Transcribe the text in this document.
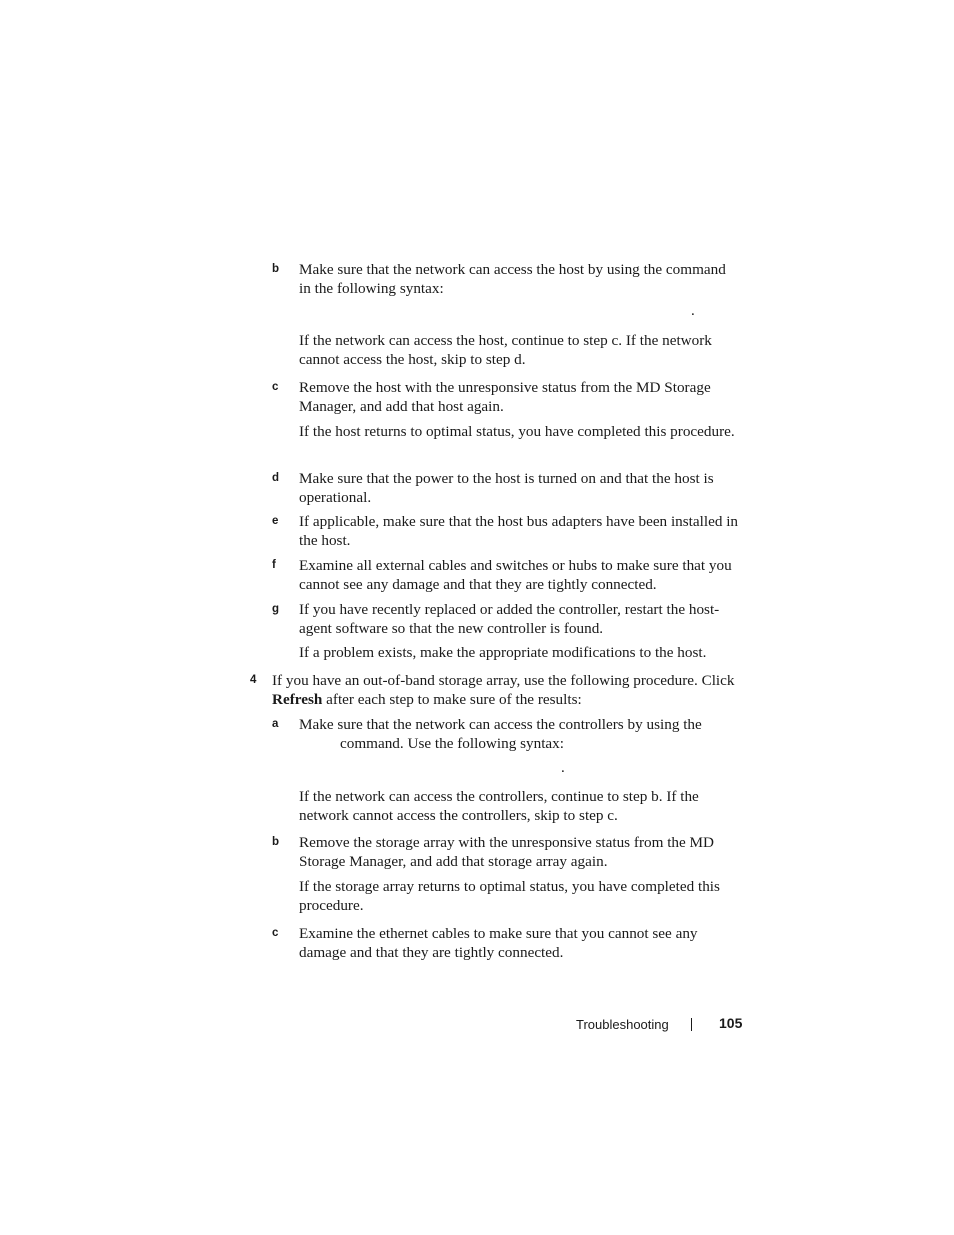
b Make sure that the network can access the host by using the command in the following syntax:
.
If the network can access the host, continue to step c. If the network cannot access the host, skip to step d.
c Remove the host with the unresponsive status from the MD Storage Manager, and add that host again.
If the host returns to optimal status, you have completed this procedure.
d Make sure that the power to the host is turned on and that the host is operational.
e If applicable, make sure that the host bus adapters have been installed in the host.
f Examine all external cables and switches or hubs to make sure that you cannot see any damage and that they are tightly connected.
g If you have recently replaced or added the controller, restart the host-agent software so that the new controller is found.
If a problem exists, make the appropriate modifications to the host.
4 If you have an out-of-band storage array, use the following procedure. Click Refresh after each step to make sure of the results:
a Make sure that the network can access the controllers by using the
command. Use the following syntax:
.
If the network can access the controllers, continue to step b. If the network cannot access the controllers, skip to step c.
b Remove the storage array with the unresponsive status from the MD Storage Manager, and add that storage array again.
If the storage array returns to optimal status, you have completed this procedure.
c Examine the ethernet cables to make sure that you cannot see any damage and that they are tightly connected.
Troubleshooting	105
